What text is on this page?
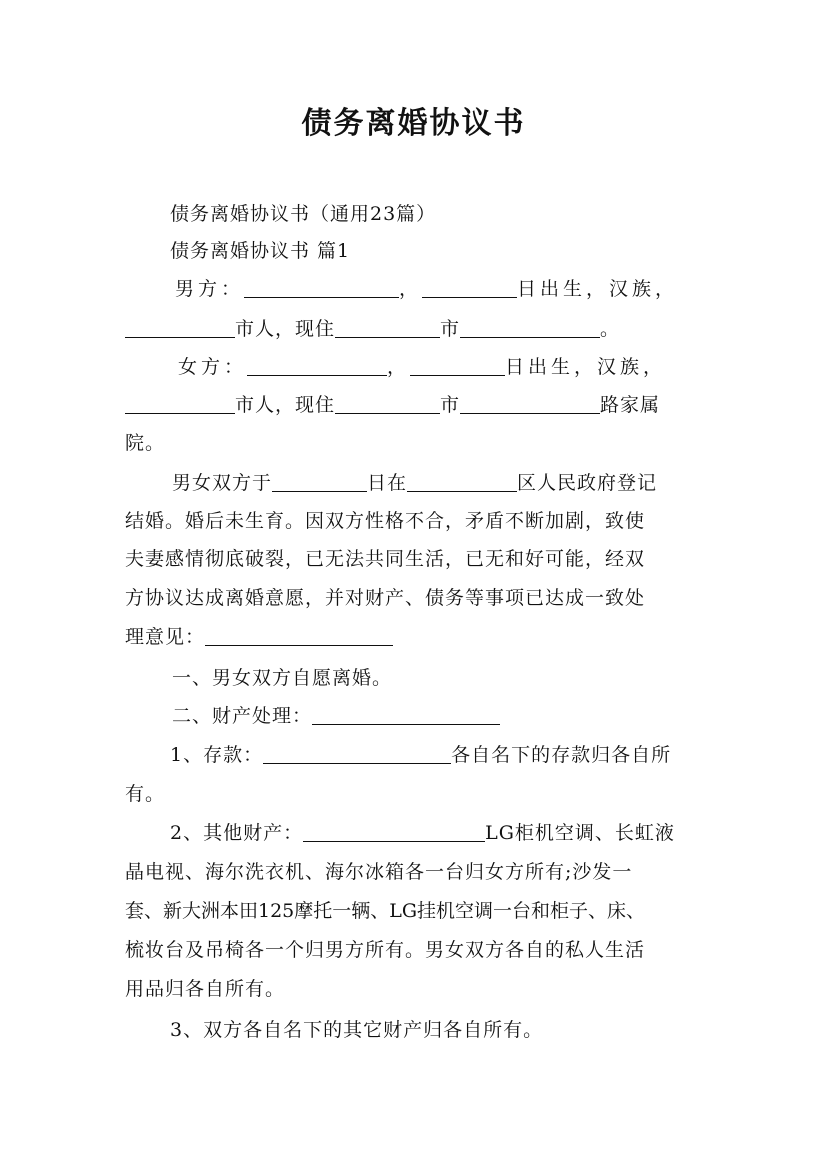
债务离婚协议书
债务离婚协议书（通用23篇）
债务离婚协议书 篇1
男方：	，	日出生，汉族，
市人，现住	市	。
女方：	，	日出生，汉族，
市人，现住	市	路家属
院。
男女双方于	日在	区人民政府登记
结婚。婚后未生育。因双方性格不合，矛盾不断加剧，致使
夫妻感情彻底破裂，已无法共同生活，已无和好可能，经双
方协议达成离婚意愿，并对财产、债务等事项已达成一致处
理意见：
一、男女双方自愿离婚。
二、财产处理：
1、存款：	各自名下的存款归各自所
有。
2、其他财产：	LG柜机空调、长虹液
晶电视、海尔洗衣机、海尔冰箱各一台归女方所有;沙发一
套、新大洲本田125摩托一辆、LG挂机空调一台和柜子、床、
梳妆台及吊椅各一个归男方所有。男女双方各自的私人生活
用品归各自所有。
3、双方各自名下的其它财产归各自所有。
